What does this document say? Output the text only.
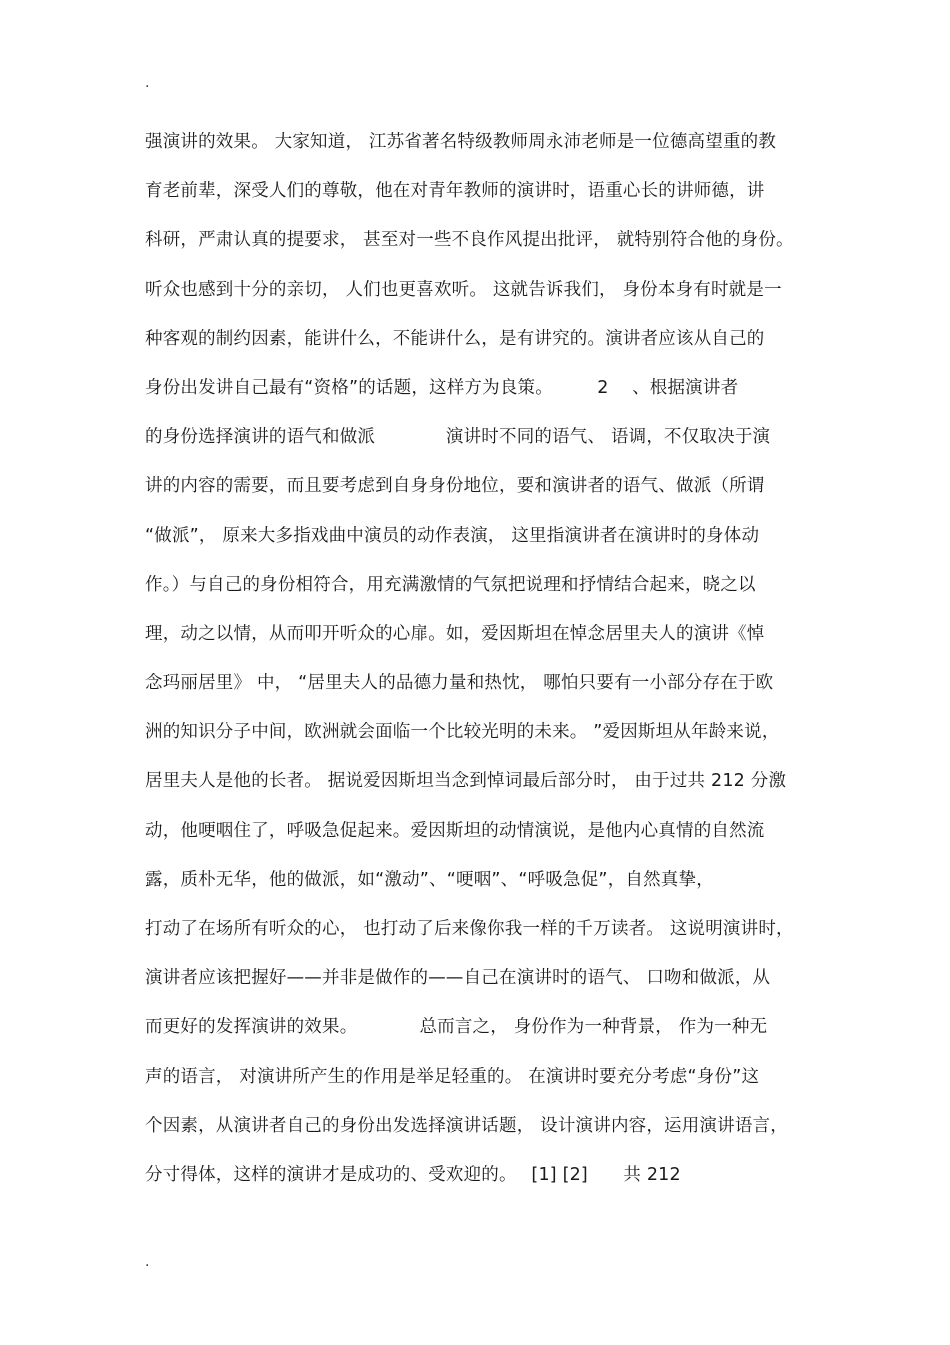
.
强演讲的效果。 大家知道， 江苏省著名特级教师周永沛老师是一位德高望重的教
育老前辈，深受人们的尊敬，他在对青年教师的演讲时，语重心长的讲师德，讲
科研，严肃认真的提要求， 甚至对一些不良作风提出批评， 就特别符合他的身份。
听众也感到十分的亲切， 人们也更喜欢听。 这就告诉我们， 身份本身有时就是一
种客观的制约因素，能讲什么，不能讲什么，是有讲究的。演讲者应该从自己的
身份出发讲自己最有“资格”的话题，这样方为良策。　　　2　 、根据演讲者
的身份选择演讲的语气和做派　　　　演讲时不同的语气、 语调，不仅取决于演
讲的内容的需要，而且要考虑到自身身份地位，要和演讲者的语气、做派（所谓
“做派”， 原来大多指戏曲中演员的动作表演， 这里指演讲者在演讲时的身体动
作。）与自己的身份相符合，用充满激情的气氛把说理和抒情结合起来，晓之以
理，动之以情，从而叩开听众的心扉。如，爱因斯坦在悼念居里夫人的演讲《悼
念玛丽居里》 中， “居里夫人的品德力量和热忱， 哪怕只要有一小部分存在于欧
洲的知识分子中间，欧洲就会面临一个比较光明的未来。 ”爱因斯坦从年龄来说，
居里夫人是他的长者。 据说爱因斯坦当念到悼词最后部分时， 由于过共 212 分激
动，他哽咽住了，呼吸急促起来。爱因斯坦的动情演说，是他内心真情的自然流
露，质朴无华，他的做派，如“激动”、“哽咽”、“呼吸急促”，自然真挚，
打动了在场所有听众的心， 也打动了后来像你我一样的千万读者。 这说明演讲时，
演讲者应该把握好——并非是做作的——自己在演讲时的语气、 口吻和做派，从
而更好的发挥演讲的效果。　　　　总而言之， 身份作为一种背景， 作为一种无
声的语言， 对演讲所产生的作用是举足轻重的。 在演讲时要充分考虑“身份”这
个因素，从演讲者自己的身份出发选择演讲话题， 设计演讲内容，运用演讲语言，
分寸得体，这样的演讲才是成功的、受欢迎的。　 [1] [2]　　共 212
.
